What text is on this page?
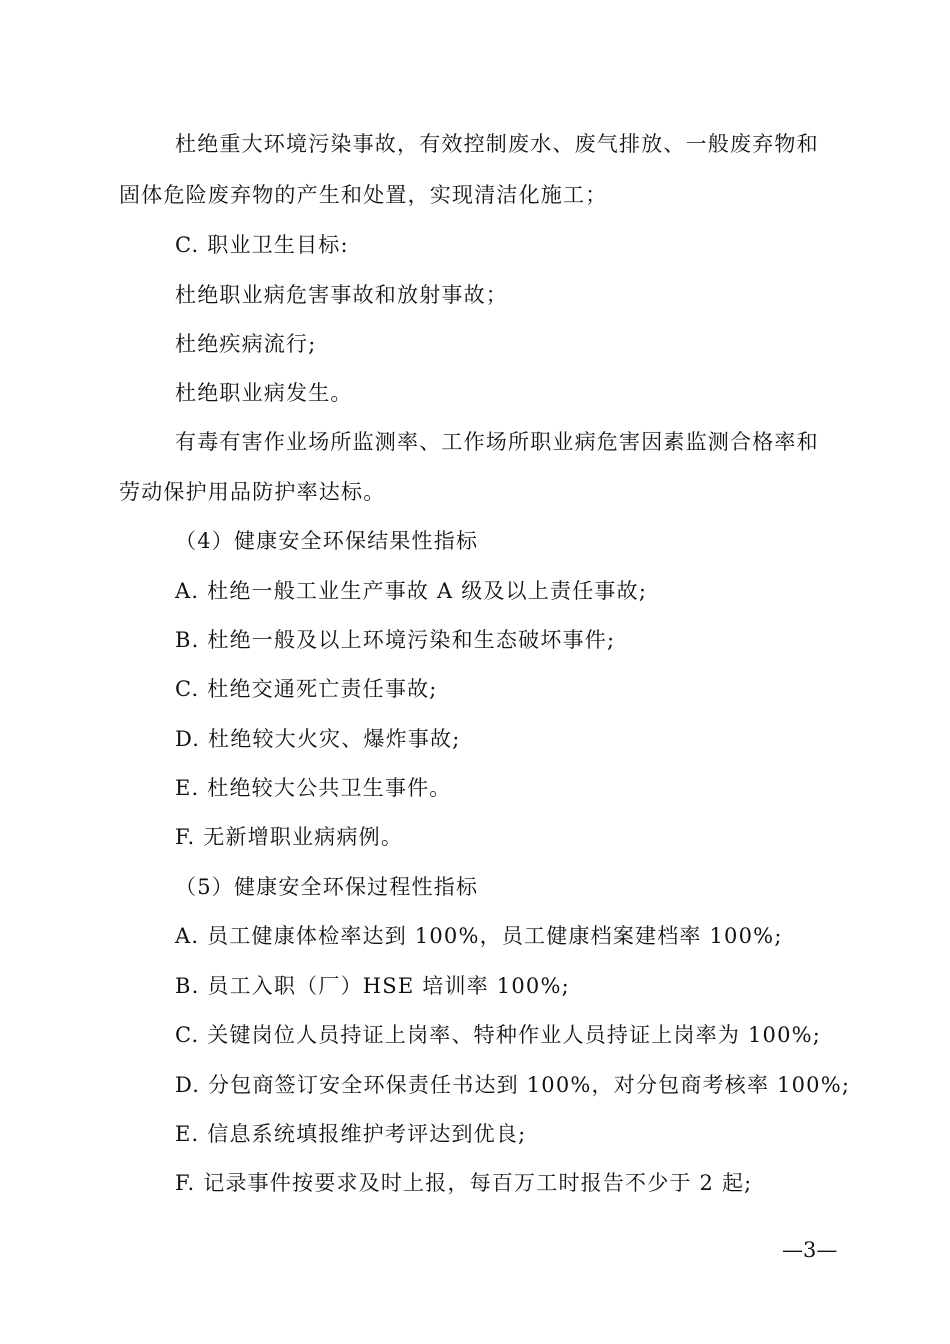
杜绝重大环境污染事故，有效控制废水、废气排放、一般废弃物和
固体危险废弃物的产生和处置，实现清洁化施工；
C. 职业卫生目标:
杜绝职业病危害事故和放射事故；
杜绝疾病流行;
杜绝职业病发生。
有毒有害作业场所监测率、工作场所职业病危害因素监测合格率和
劳动保护用品防护率达标。
（4）健康安全环保结果性指标
A. 杜绝一般工业生产事故 A 级及以上责任事故;
B. 杜绝一般及以上环境污染和生态破坏事件;
C. 杜绝交通死亡责任事故;
D. 杜绝较大火灾、爆炸事故;
E. 杜绝较大公共卫生事件。
F. 无新增职业病病例。
（5）健康安全环保过程性指标
A. 员工健康体检率达到 100%，员工健康档案建档率 100%;
B. 员工入职（厂）HSE 培训率 100%;
C. 关键岗位人员持证上岗率、特种作业人员持证上岗率为 100%;
D. 分包商签订安全环保责任书达到 100%，对分包商考核率 100%;
E. 信息系统填报维护考评达到优良;
F. 记录事件按要求及时上报，每百万工时报告不少于 2 起;
—3—
